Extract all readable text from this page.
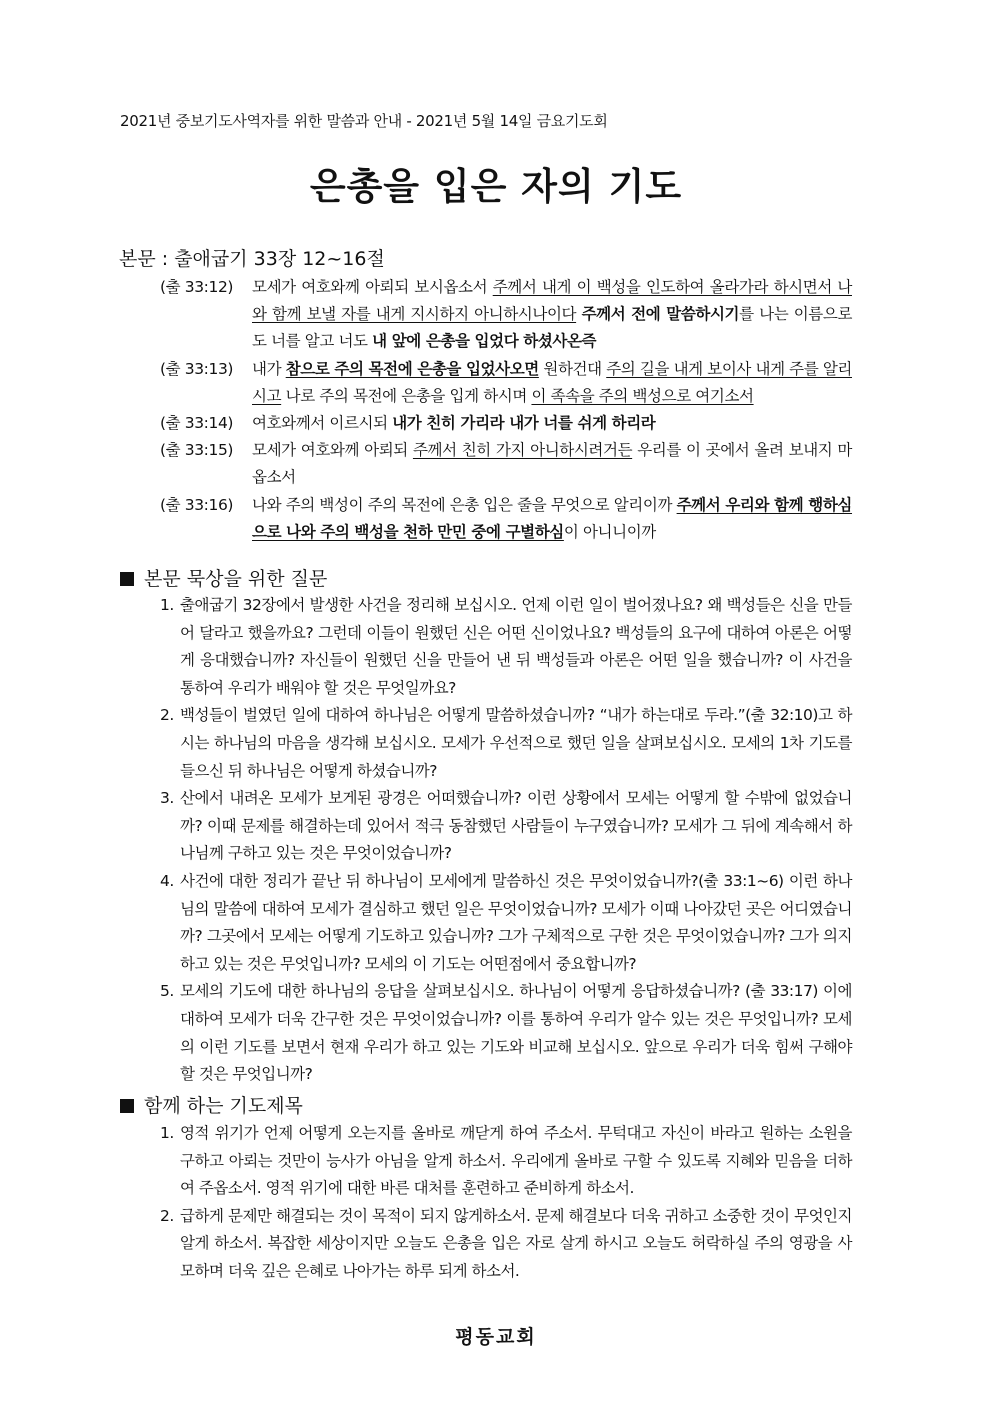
2021년 중보기도사역자를 위한 말씀과 안내 - 2021년 5월 14일 금요기도회
은총을 입은 자의 기도
본문 : 출애굽기 33장 12~16절
(출 33:12) 모세가 여호와께 아뢰되 보시옵소서 주께서 내게 이 백성을 인도하여 올라가라 하시면서 나와 함께 보낼 자를 내게 지시하지 아니하시나이다 주께서 전에 말씀하시기를 나는 이름으로도 너를 알고 너도 내 앞에 은총을 입었다 하셨사온즉
(출 33:13) 내가 참으로 주의 목전에 은총을 입었사오면 원하건대 주의 길을 내게 보이사 내게 주를 알리시고 나로 주의 목전에 은총을 입게 하시며 이 족속을 주의 백성으로 여기소서
(출 33:14) 여호와께서 이르시되 내가 친히 가리라 내가 너를 쉬게 하리라
(출 33:15) 모세가 여호와께 아뢰되 주께서 친히 가지 아니하시려거든 우리를 이 곳에서 올려 보내지 마옵소서
(출 33:16) 나와 주의 백성이 주의 목전에 은총 입은 줄을 무엇으로 알리이까 주께서 우리와 함께 행하심으로 나와 주의 백성을 천하 만민 중에 구별하심이 아니니이까
본문 묵상을 위한 질문
1. 출애굽기 32장에서 발생한 사건을 정리해 보십시오. 언제 이런 일이 벌어졌나요? 왜 백성들은 신을 만들어 달라고 했을까요? 그런데 이들이 원했던 신은 어떤 신이었나요? 백성들의 요구에 대하여 아론은 어떻게 응대했습니까? 자신들이 원했던 신을 만들어 낸 뒤 백성들과 아론은 어떤 일을 했습니까? 이 사건을 통하여 우리가 배워야 할 것은 무엇일까요?
2. 백성들이 벌였던 일에 대하여 하나님은 어떻게 말씀하셨습니까? “내가 하는대로 두라.”(출 32:10)고 하시는 하나님의 마음을 생각해 보십시오. 모세가 우선적으로 했던 일을 살펴보십시오. 모세의 1차 기도를 들으신 뒤 하나님은 어떻게 하셨습니까?
3. 산에서 내려온 모세가 보게된 광경은 어떠했습니까? 이런 상황에서 모세는 어떻게 할 수밖에 없었습니까? 이때 문제를 해결하는데 있어서 적극 동참했던 사람들이 누구였습니까? 모세가 그 뒤에 계속해서 하나님께 구하고 있는 것은 무엇이었습니까?
4. 사건에 대한 정리가 끝난 뒤 하나님이 모세에게 말씀하신 것은 무엇이었습니까?(출 33:1~6) 이런 하나님의 말씀에 대하여 모세가 결심하고 했던 일은 무엇이었습니까? 모세가 이때 나아갔던 곳은 어디였습니까? 그곳에서 모세는 어떻게 기도하고 있습니까? 그가 구체적으로 구한 것은 무엇이었습니까? 그가 의지하고 있는 것은 무엇입니까? 모세의 이 기도는 어떤점에서 중요합니까?
5. 모세의 기도에 대한 하나님의 응답을 살펴보십시오. 하나님이 어떻게 응답하셨습니까? (출 33:17) 이에 대하여 모세가 더욱 간구한 것은 무엇이었습니까? 이를 통하여 우리가 알수 있는 것은 무엇입니까? 모세의 이런 기도를 보면서 현재 우리가 하고 있는 기도와 비교해 보십시오. 앞으로 우리가 더욱 힘써 구해야 할 것은 무엇입니까?
함께 하는 기도제목
1. 영적 위기가 언제 어떻게 오는지를 올바로 깨닫게 하여 주소서. 무턱대고 자신이 바라고 원하는 소원을 구하고 아뢰는 것만이 능사가 아님을 알게 하소서. 우리에게 올바로 구할 수 있도록 지혜와 믿음을 더하여 주옵소서. 영적 위기에 대한 바른 대처를 훈련하고 준비하게 하소서.
2. 급하게 문제만 해결되는 것이 목적이 되지 않게하소서. 문제 해결보다 더욱 귀하고 소중한 것이 무엇인지 알게 하소서. 복잡한 세상이지만 오늘도 은총을 입은 자로 살게 하시고 오늘도 허락하실 주의 영광을 사모하며 더욱 깊은 은혜로 나아가는 하루 되게 하소서.
평동교회
